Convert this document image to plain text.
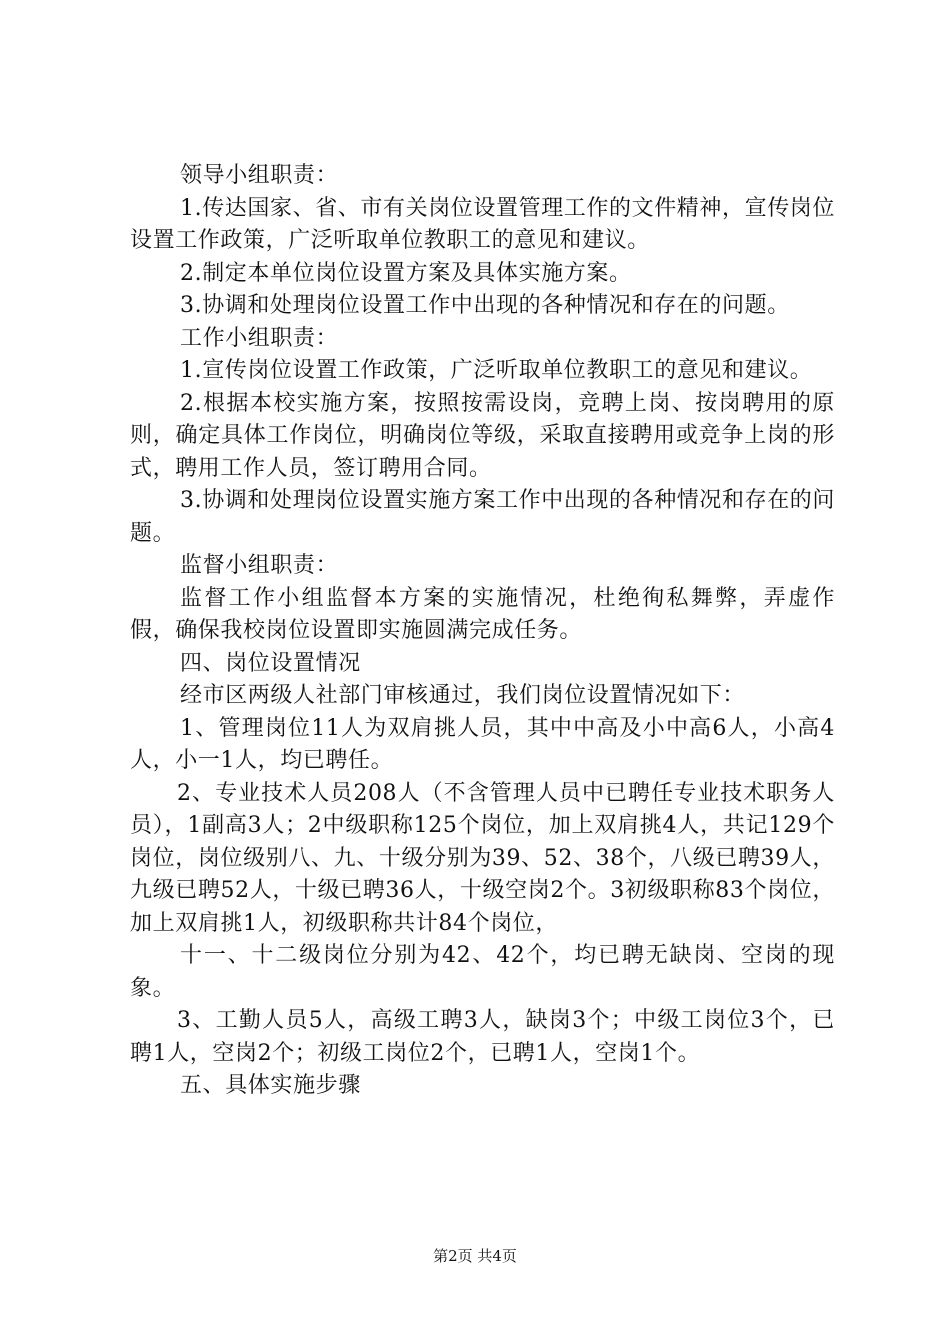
领导小组职责：

1.传达国家、省、市有关岗位设置管理工作的文件精神，宣传岗位设置工作政策，广泛听取单位教职工的意见和建议。

2.制定本单位岗位设置方案及具体实施方案。

3.协调和处理岗位设置工作中出现的各种情况和存在的问题。

工作小组职责：

1.宣传岗位设置工作政策，广泛听取单位教职工的意见和建议。

2.根据本校实施方案，按照按需设岗，竞聘上岗、按岗聘用的原则，确定具体工作岗位，明确岗位等级，采取直接聘用或竞争上岗的形式，聘用工作人员，签订聘用合同。

3.协调和处理岗位设置实施方案工作中出现的各种情况和存在的问题。

监督小组职责：

监督工作小组监督本方案的实施情况，杜绝徇私舞弊，弄虚作假，确保我校岗位设置即实施圆满完成任务。

四、岗位设置情况

经市区两级人社部门审核通过，我们岗位设置情况如下：

1、管理岗位11人为双肩挑人员，其中中高及小中高6人，小高4人，小一1人，均已聘任。

2、专业技术人员208人（不含管理人员中已聘任专业技术职务人员），1副高3人；2中级职称125个岗位，加上双肩挑4人，共记129个岗位，岗位级别八、九、十级分别为39、52、38个，八级已聘39人，九级已聘52人，十级已聘36人，十级空岗2个。3初级职称83个岗位，加上双肩挑1人，初级职称共计84个岗位，

十一、十二级岗位分别为42、42个，均已聘无缺岗、空岗的现象。

3、工勤人员5人，高级工聘3人，缺岗3个；中级工岗位3个，已聘1人，空岗2个；初级工岗位2个，已聘1人，空岗1个。

五、具体实施步骤

第2页 共4页
